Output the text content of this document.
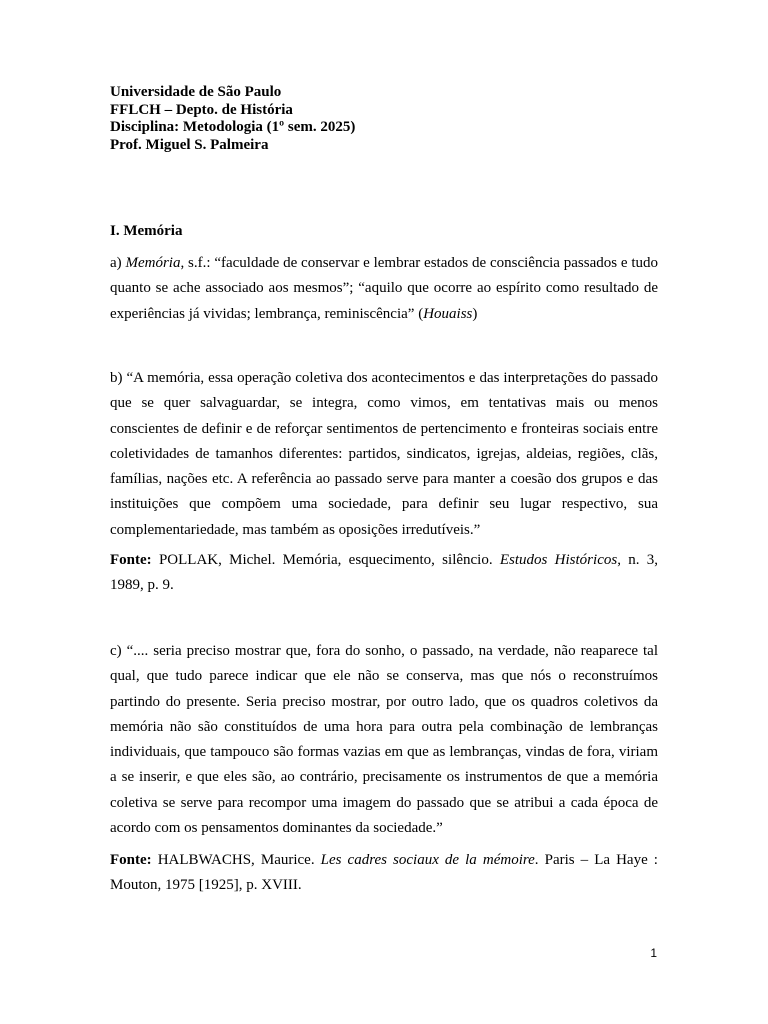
Universidade de São Paulo
FFLCH – Depto. de História
Disciplina: Metodologia (1º sem. 2025)
Prof. Miguel S. Palmeira
I. Memória
a) Memória, s.f.: “faculdade de conservar e lembrar estados de consciência passados e tudo quanto se ache associado aos mesmos”; “aquilo que ocorre ao espírito como resultado de experiências já vividas; lembrança, reminiscência” (Houaiss)
b) “A memória, essa operação coletiva dos acontecimentos e das interpretações do passado que se quer salvaguardar, se integra, como vimos, em tentativas mais ou menos conscientes de definir e de reforçar sentimentos de pertencimento e fronteiras sociais entre coletividades de tamanhos diferentes: partidos, sindicatos, igrejas, aldeias, regiões, clãs, famílias, nações etc. A referência ao passado serve para manter a coesão dos grupos e das instituições que compõem uma sociedade, para definir seu lugar respectivo, sua complementariedade, mas também as oposições irredutíveis.”
Fonte: POLLAK, Michel. Memória, esquecimento, silêncio. Estudos Históricos, n. 3, 1989, p. 9.
c) “.... seria preciso mostrar que, fora do sonho, o passado, na verdade, não reaparece tal qual, que tudo parece indicar que ele não se conserva, mas que nós o reconstruímos partindo do presente. Seria preciso mostrar, por outro lado, que os quadros coletivos da memória não são constituídos de uma hora para outra pela combinação de lembranças individuais, que tampouco são formas vazias em que as lembranças, vindas de fora, viriam a se inserir, e que eles são, ao contrário, precisamente os instrumentos de que a memória coletiva se serve para recompor uma imagem do passado que se atribui a cada época de acordo com os pensamentos dominantes da sociedade.”
Fonte: HALBWACHS, Maurice. Les cadres sociaux de la mémoire. Paris – La Haye : Mouton, 1975 [1925], p. XVIII.
1
